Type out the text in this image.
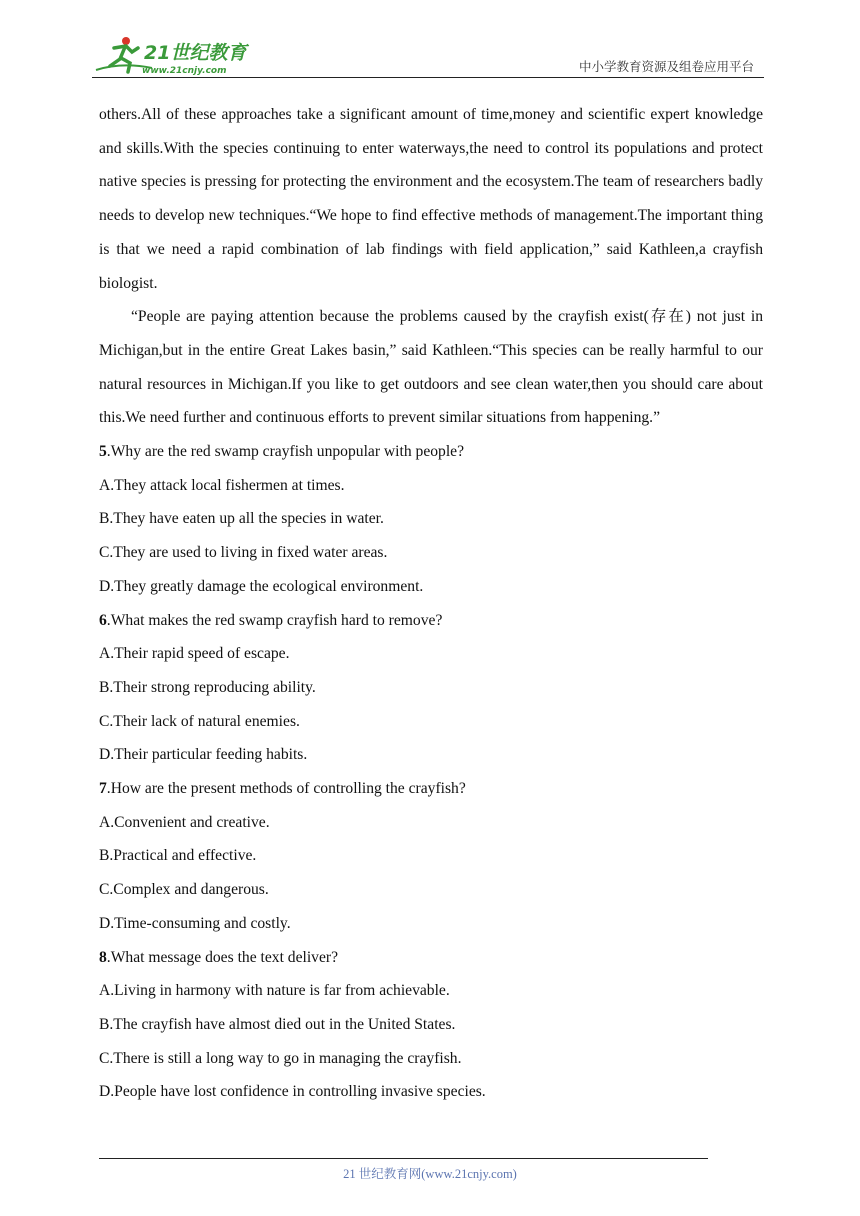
21世纪教育
www.21cnjy.com	中小学教育资源及组卷应用平台

others.All of these approaches take a significant amount of time,money and scientific expert knowledge and skills.With the species continuing to enter waterways,the need to control its populations and protect native species is pressing for protecting the environment and the ecosystem.The team of researchers badly needs to develop new techniques.“We hope to find effective methods of management.The important thing is that we need a rapid combination of lab findings with field application,” said Kathleen,a crayfish biologist.

“People are paying attention because the problems caused by the crayfish exist(存在) not just in Michigan,but in the entire Great Lakes basin,” said Kathleen.“This species can be really harmful to our natural resources in Michigan.If you like to get outdoors and see clean water,then you should care about this.We need further and continuous efforts to prevent similar situations from happening.”

5.Why are the red swamp crayfish unpopular with people?

A.They attack local fishermen at times.

B.They have eaten up all the species in water.

C.They are used to living in fixed water areas.

D.They greatly damage the ecological environment.

6.What makes the red swamp crayfish hard to remove?

A.Their rapid speed of escape.

B.Their strong reproducing ability.

C.Their lack of natural enemies.

D.Their particular feeding habits.

7.How are the present methods of controlling the crayfish?

A.Convenient and creative.

B.Practical and effective.

C.Complex and dangerous.

D.Time-consuming and costly.

8.What message does the text deliver?

A.Living in harmony with nature is far from achievable.

B.The crayfish have almost died out in the United States.

C.There is still a long way to go in managing the crayfish.

D.People have lost confidence in controlling invasive species.

21 世纪教育网(www.21cnjy.com)
